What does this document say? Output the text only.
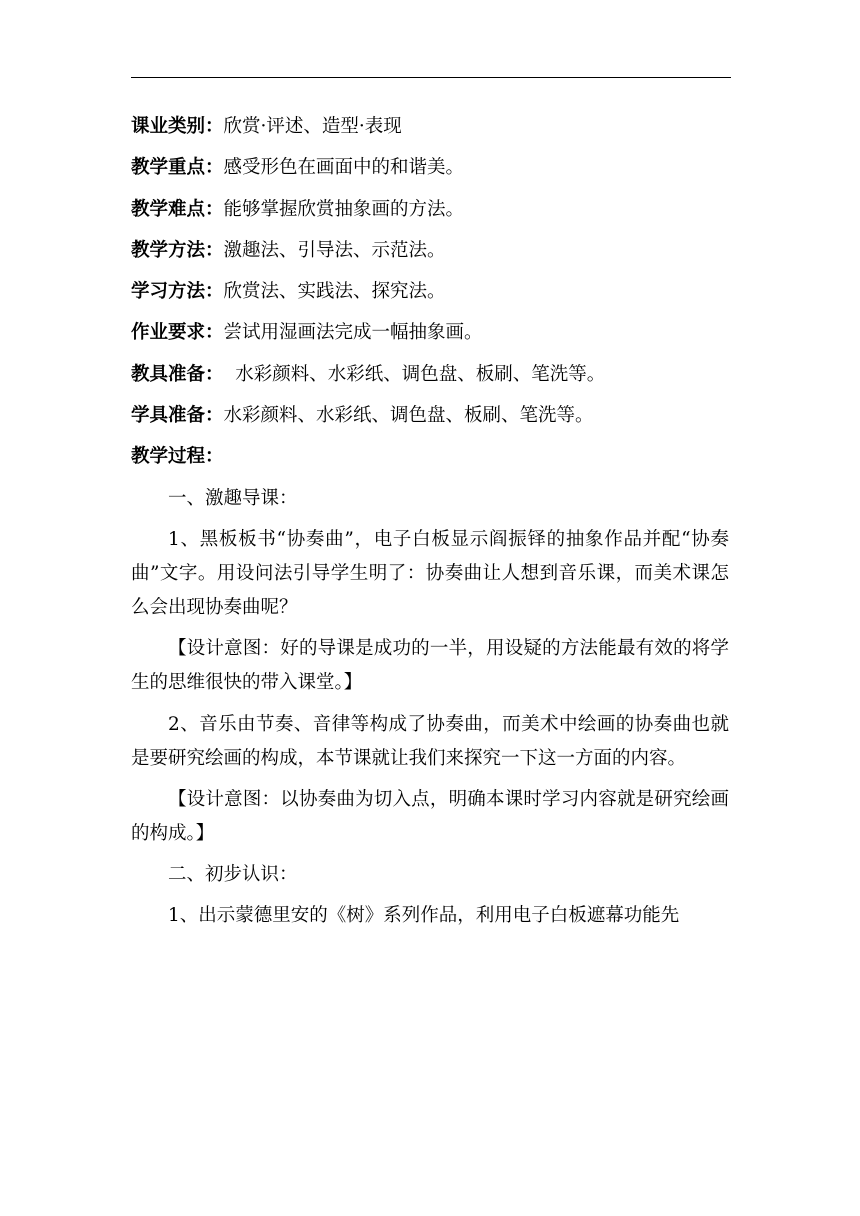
课业类别：欣赏·评述、造型·表现
教学重点：感受形色在画面中的和谐美。
教学难点：能够掌握欣赏抽象画的方法。
教学方法：激趣法、引导法、示范法。
学习方法：欣赏法、实践法、探究法。
作业要求：尝试用湿画法完成一幅抽象画。
教具准备：  水彩颜料、水彩纸、调色盘、板刷、笔洗等。
学具准备：水彩颜料、水彩纸、调色盘、板刷、笔洗等。
教学过程：
一、激趣导课：
1、黑板板书“协奏曲”，电子白板显示阎振铎的抽象作品并配“协奏曲”文字。用设问法引导学生明了：协奏曲让人想到音乐课，而美术课怎么会出现协奏曲呢？
【设计意图：好的导课是成功的一半，用设疑的方法能最有效的将学生的思维很快的带入课堂。】
2、音乐由节奏、音律等构成了协奏曲，而美术中绘画的协奏曲也就是要研究绘画的构成，本节课就让我们来探究一下这一方面的内容。
【设计意图：以协奏曲为切入点，明确本课时学习内容就是研究绘画的构成。】
二、初步认识：
1、出示蒙德里安的《树》系列作品，利用电子白板遮幕功能先
